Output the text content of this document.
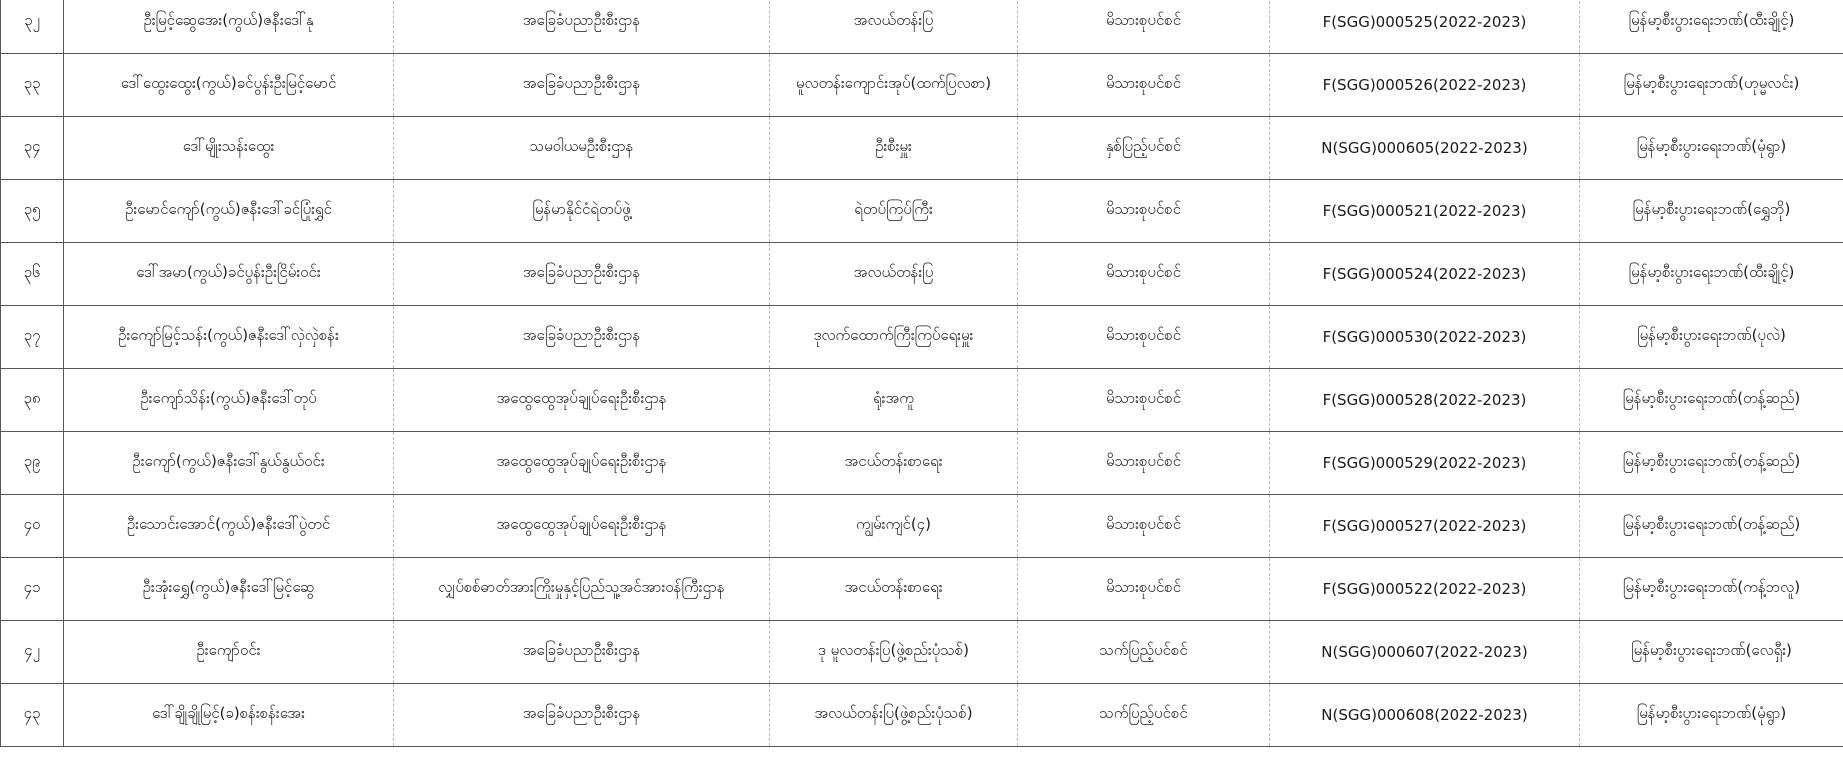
၃၂	ဦးမြင့်ဆွေအေး(ကွယ်)ဇနီးဒေါ်နု	အခြေခံပညာဦးစီးဌာန	အလယ်တန်းပြ	မိသားစုပင်စင်	F(SGG)000525(2022-2023)	မြန်မာ့စီးပွားရေးဘဏ်(ထီးချိုင့်)
၃၃	ဒေါ်ထွေးထွေး(ကွယ်)ခင်ပွန်းဦးမြင့်မောင်	အခြေခံပညာဦးစီးဌာန	မူလတန်းကျောင်းအုပ်(ထက်ပြလစာ)	မိသားစုပင်စင်	F(SGG)000526(2022-2023)	မြန်မာ့စီးပွားရေးဘဏ်(ဟုမ္မလင်း)
၃၄	ဒေါ်မျိုးသန်းထွေး	သမဝါယမဦးစီးဌာန	ဦးစီးမှူး	နှစ်ပြည့်ပင်စင်	N(SGG)000605(2022-2023)	မြန်မာ့စီးပွားရေးဘဏ်(မုံရွာ)
၃၅	ဦးမောင်ကျော်(ကွယ်)ဇနီးဒေါ်ခင်ပြုံးရွှင်	မြန်မာနိုင်ငံရဲတပ်ဖွဲ့	ရဲတပ်ကြပ်ကြီး	မိသားစုပင်စင်	F(SGG)000521(2022-2023)	မြန်မာ့စီးပွားရေးဘဏ်(ရွှေဘို)
၃၆	ဒေါ်အမာ(ကွယ်)ခင်ပွန်းဦးငြိမ်းဝင်း	အခြေခံပညာဦးစီးဌာန	အလယ်တန်းပြ	မိသားစုပင်စင်	F(SGG)000524(2022-2023)	မြန်မာ့စီးပွားရေးဘဏ်(ထီးချိုင့်)
၃၇	ဦးကျော်မြင့်သန်း(ကွယ်)ဇနီးဒေါ်လှဲလှဲစန်း	အခြေခံပညာဦးစီးဌာန	ဒုလက်ထောက်ကြီးကြပ်ရေးမှူး	မိသားစုပင်စင်	F(SGG)000530(2022-2023)	မြန်မာ့စီးပွားရေးဘဏ်(ပုလဲ)
၃၈	ဦးကျော်သိန်း(ကွယ်)ဇနီးဒေါ်တုပ်	အထွေထွေအုပ်ချုပ်ရေးဦးစီးဌာန	ရုံးအကူ	မိသားစုပင်စင်	F(SGG)000528(2022-2023)	မြန်မာ့စီးပွားရေးဘဏ်(တန့်ဆည်)
၃၉	ဦးကျော်(ကွယ်)ဇနီးဒေါ်နွယ်နွယ်ဝင်း	အထွေထွေအုပ်ချုပ်ရေးဦးစီးဌာန	အငယ်တန်းစာရေး	မိသားစုပင်စင်	F(SGG)000529(2022-2023)	မြန်မာ့စီးပွားရေးဘဏ်(တန့်ဆည်)
၄၀	ဦးသောင်းအောင်(ကွယ်)ဇနီးဒေါ်ပွဲတင်	အထွေထွေအုပ်ချုပ်ရေးဦးစီးဌာန	ကျွမ်းကျင်(၄)	မိသားစုပင်စင်	F(SGG)000527(2022-2023)	မြန်မာ့စီးပွားရေးဘဏ်(တန့်ဆည်)
၄၁	ဦးအုံးရွှေ(ကွယ်)ဇနီးဒေါ်မြင့်ဆွေ	လျှပ်စစ်ဓာတ်အားကြိုးမှုနှင့်ပြည်သူ့အင်အားဝန်ကြီးဌာန	အငယ်တန်းစာရေး	မိသားစုပင်စင်	F(SGG)000522(2022-2023)	မြန်မာ့စီးပွားရေးဘဏ်(ကန့်ဘလူ)
၄၂	ဦးကျော်ဝင်း	အခြေခံပညာဦးစီးဌာန	ဒု မူလတန်းပြ(ဖွဲ့စည်းပုံသစ်)	သက်ပြည့်ပင်စင်	N(SGG)000607(2022-2023)	မြန်မာ့စီးပွားရေးဘဏ်(လေရှီး)
၄၃	ဒေါ်ချိုချိုမြင့်(ခ)စန်းစန်းအေး	အခြေခံပညာဦးစီးဌာန	အလယ်တန်းပြ(ဖွဲ့စည်းပုံသစ်)	သက်ပြည့်ပင်စင်	N(SGG)000608(2022-2023)	မြန်မာ့စီးပွားရေးဘဏ်(မုံရွာ)
